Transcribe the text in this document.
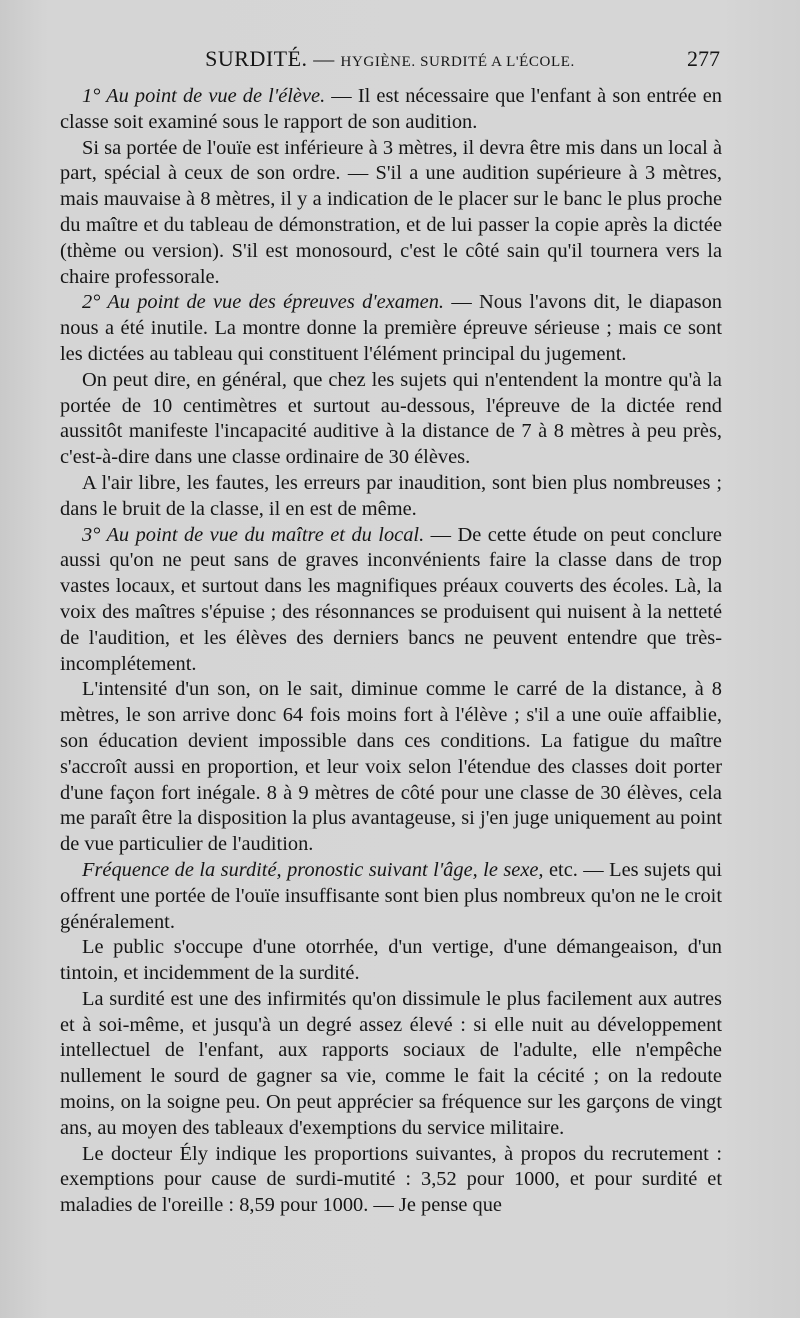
SURDITÉ. — HYGIÈNE. SURDITÉ A L'ÉCOLE.	277

1° Au point de vue de l'élève. — Il est nécessaire que l'enfant à son entrée en classe soit examiné sous le rapport de son audition.

Si sa portée de l'ouïe est inférieure à 3 mètres, il devra être mis dans un local à part, spécial à ceux de son ordre. — S'il a une audition supérieure à 3 mètres, mais mauvaise à 8 mètres, il y a indication de le placer sur le banc le plus proche du maître et du tableau de démonstration, et de lui passer la copie après la dictée (thème ou version). S'il est monosourd, c'est le côté sain qu'il tournera vers la chaire professorale.

2° Au point de vue des épreuves d'examen. — Nous l'avons dit, le diapason nous a été inutile. La montre donne la première épreuve sérieuse ; mais ce sont les dictées au tableau qui constituent l'élément principal du jugement.

On peut dire, en général, que chez les sujets qui n'entendent la montre qu'à la portée de 10 centimètres et surtout au-dessous, l'épreuve de la dictée rend aussitôt manifeste l'incapacité auditive à la distance de 7 à 8 mètres à peu près, c'est-à-dire dans une classe ordinaire de 30 élèves.

A l'air libre, les fautes, les erreurs par inaudition, sont bien plus nombreuses ; dans le bruit de la classe, il en est de même.

3° Au point de vue du maître et du local. — De cette étude on peut conclure aussi qu'on ne peut sans de graves inconvénients faire la classe dans de trop vastes locaux, et surtout dans les magnifiques préaux couverts des écoles. Là, la voix des maîtres s'épuise ; des résonnances se produisent qui nuisent à la netteté de l'audition, et les élèves des derniers bancs ne peuvent entendre que très-incomplétement.

L'intensité d'un son, on le sait, diminue comme le carré de la distance, à 8 mètres, le son arrive donc 64 fois moins fort à l'élève ; s'il a une ouïe affaiblie, son éducation devient impossible dans ces conditions. La fatigue du maître s'accroît aussi en proportion, et leur voix selon l'étendue des classes doit porter d'une façon fort inégale. 8 à 9 mètres de côté pour une classe de 30 élèves, cela me paraît être la disposition la plus avantageuse, si j'en juge uniquement au point de vue particulier de l'audition.

Fréquence de la surdité, pronostic suivant l'âge, le sexe, etc. — Les sujets qui offrent une portée de l'ouïe insuffisante sont bien plus nombreux qu'on ne le croit généralement.

Le public s'occupe d'une otorrhée, d'un vertige, d'une démangeaison, d'un tintoin, et incidemment de la surdité.

La surdité est une des infirmités qu'on dissimule le plus facilement aux autres et à soi-même, et jusqu'à un degré assez élevé : si elle nuit au développement intellectuel de l'enfant, aux rapports sociaux de l'adulte, elle n'empêche nullement le sourd de gagner sa vie, comme le fait la cécité ; on la redoute moins, on la soigne peu. On peut apprécier sa fréquence sur les garçons de vingt ans, au moyen des tableaux d'exemptions du service militaire.

Le docteur Ély indique les proportions suivantes, à propos du recrutement : exemptions pour cause de surdi-mutité : 3,52 pour 1000, et pour surdité et maladies de l'oreille : 8,59 pour 1000. — Je pense que
